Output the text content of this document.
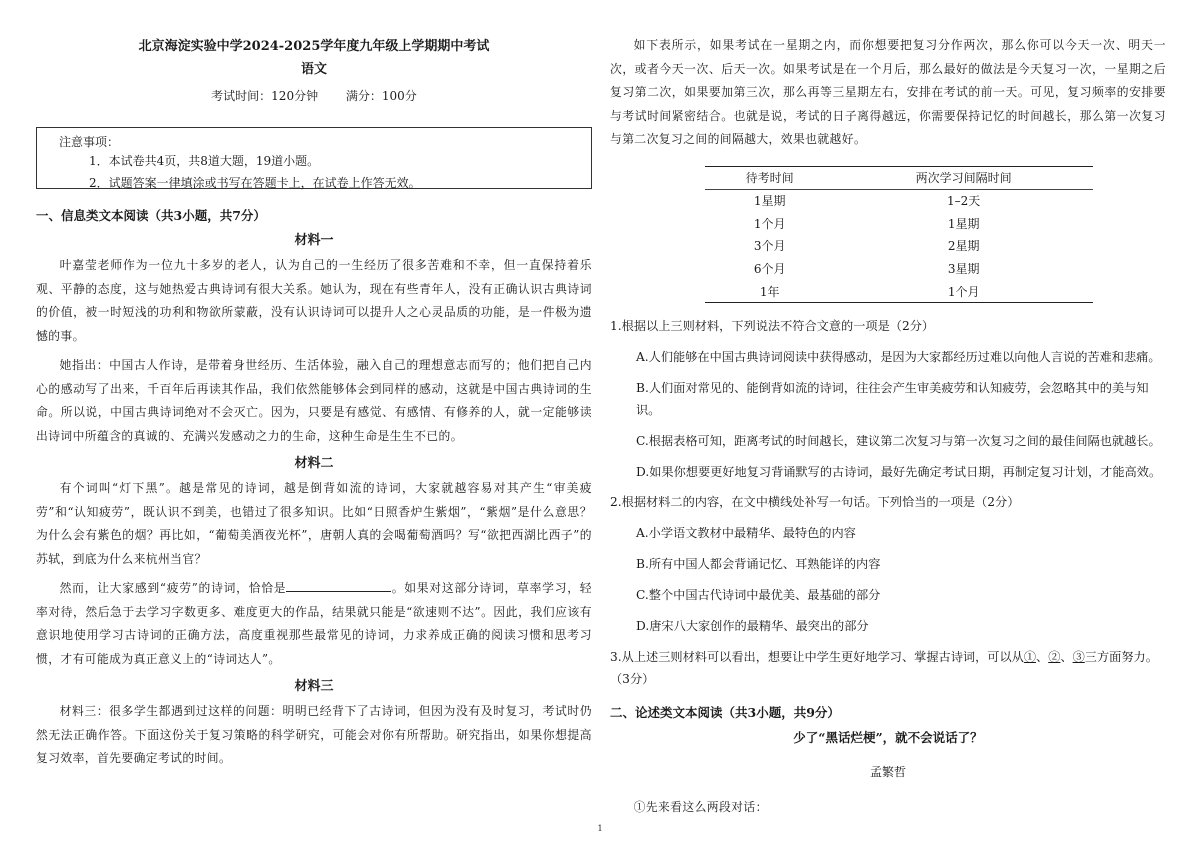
北京海淀实验中学2024-2025学年度九年级上学期期中考试
语文
考试时间：120分钟 满分：100分
注意事项：
1．本试卷共4页，共8道大题，19道小题。
2．试题答案一律填涂或书写在答题卡上，在试卷上作答无效。
一、信息类文本阅读（共3小题，共7分）
材料一

叶嘉莹老师作为一位九十多岁的老人，认为自己的一生经历了很多苦难和不幸，但一直保持着乐观、平静的态度，这与她热爱古典诗词有很大关系。她认为，现在有些青年人，没有正确认识古典诗词的价值，被一时短浅的功利和物欲所蒙蔽，没有认识诗词可以提升人之心灵品质的功能，是一件极为遗憾的事。

她指出：中国古人作诗，是带着身世经历、生活体验，融入自己的理想意志而写的；他们把自己内心的感动写了出来，千百年后再读其作品，我们依然能够体会到同样的感动，这就是中国古典诗词的生命。所以说，中国古典诗词绝对不会灭亡。因为，只要是有感觉、有感情、有修养的人，就一定能够读出诗词中所蕴含的真诚的、充满兴发感动之力的生命，这种生命是生生不已的。

材料二

有个词叫“灯下黑”。越是常见的诗词，越是倒背如流的诗词，大家就越容易对其产生“审美疲劳”和“认知疲劳”，既认识不到美，也错过了很多知识。比如“日照香炉生紫烟”，“紫烟”是什么意思？为什么会有紫色的烟？再比如，“葡萄美酒夜光杯”，唐朝人真的会喝葡萄酒吗？写“欲把西湖比西子”的苏轼，到底为什么来杭州当官？

然而，让大家感到“疲劳”的诗词，恰恰是	。如果对这部分诗词，草率学习，轻率对待，然后急于去学习字数更多、难度更大的作品，结果就只能是“欲速则不达”。因此，我们应该有意识地使用学习古诗词的正确方法，高度重视那些最常见的诗词，力求养成正确的阅读习惯和思考习惯，才有可能成为真正意义上的“诗词达人”。

材料三

材料三：很多学生都遇到过这样的问题：明明已经背下了古诗词，但因为没有及时复习，考试时仍然无法正确作答。下面这份关于复习策略的科学研究，可能会对你有所帮助。研究指出，如果你想提高复习效率，首先要确定考试的时间。

如下表所示，如果考试在一星期之内，而你想要把复习分作两次，那么你可以今天一次、明天一次，或者今天一次、后天一次。如果考试是在一个月后，那么最好的做法是今天复习一次，一星期之后复习第二次，如果要加第三次，那么再等三星期左右，安排在考试的前一天。可见，复习频率的安排要与考试时间紧密结合。也就是说，考试的日子离得越远，你需要保持记忆的时间越长，那么第一次复习与第二次复习之间的间隔越大，效果也就越好。

待考时间	两次学习间隔时间
1星期	1–2天
1个月	1星期
3个月	2星期
6个月	3星期
1年	1个月
1.根据以上三则材料，下列说法不符合文意的一项是（2分）
A.人们能够在中国古典诗词阅读中获得感动，是因为大家都经历过难以向他人言说的苦难和悲痛。
B.人们面对常见的、能倒背如流的诗词，往往会产生审美疲劳和认知疲劳，会忽略其中的美与知识。
C.根据表格可知，距离考试的时间越长，建议第二次复习与第一次复习之间的最佳间隔也就越长。
D.如果你想要更好地复习背诵默写的古诗词，最好先确定考试日期，再制定复习计划，才能高效。
2.根据材料二的内容，在文中横线处补写一句话。下列恰当的一项是（2分）
A.小学语文教材中最精华、最特色的内容
B.所有中国人都会背诵记忆、耳熟能详的内容
C.整个中国古代诗词中最优美、最基础的部分
D.唐宋八大家创作的最精华、最突出的部分
3.从上述三则材料可以看出，想要让中学生更好地学习、掌握古诗词，可以从①、②、③三方面努力。（3分）
二、论述类文本阅读（共3小题，共9分）
少了“黑话烂梗”，就不会说话了？
孟繁哲

①先来看这么两段对话：

1
